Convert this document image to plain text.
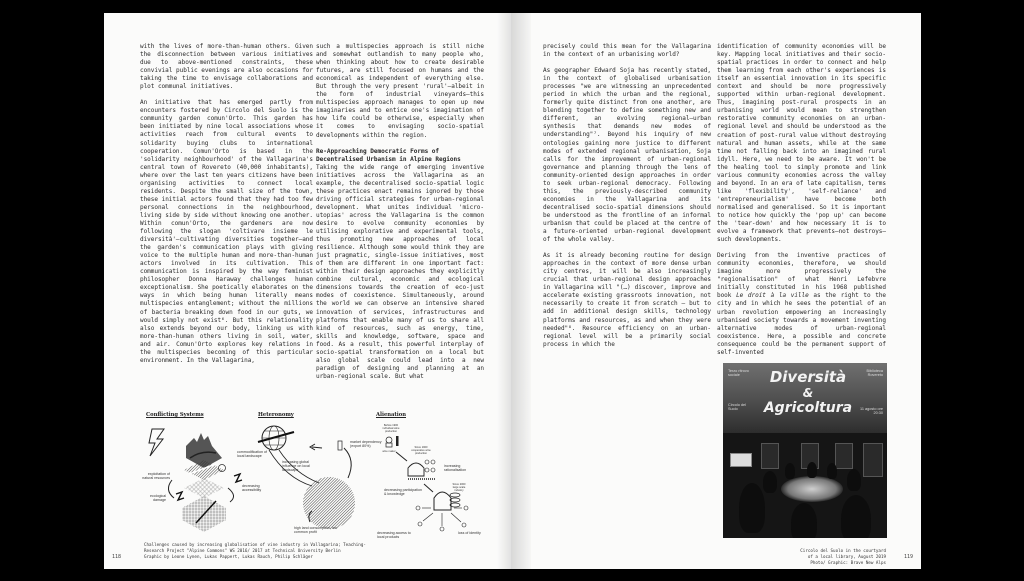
with the lives of more-than-human others. Given the disconnection between various initiatives due to above-mentioned constraints, these convivial public evenings are also occasions for taking the time to envisage collaborations and plot communal initiatives.

An initiative that has emerged partly from encounters fostered by Circolo del Suolo is the community garden comun'Orto. This garden has been initiated by nine local associations whose activities reach from cultural events to solidarity buying clubs to international cooperation. Comun'Orto is based in the 'solidarity neighbourhood' of the Vallagarina's central town of Rovereto (40,000 inhabitants), where over the last ten years citizens have been organising activities to connect local residents. Despite the small size of the town, these initial actors found that they had too few personal connections in the neighbourhood, living side by side without knowing one another. Within comun'Orto, the gardeners are now following the slogan 'coltivare insieme le diversità'—cultivating diversities together—and the garden's communication plays with giving voice to the multiple human and more-than-human actors involved in its cultivation. This communication is inspired by the way feminist philosopher Donna Haraway challenges human exceptionalism. She poetically elaborates on the ways in which being human literally means multispecies entanglement; without the millions of bacteria breaking down food in our guts, we would simply not exist⁶. But this relationality also extends beyond our body, linking us with more-than-human others living in soil, water, and air. Comun'Orto explores key relations in the multispecies becoming of this particular environment. In the Vallagarina,

such a multispecies approach is still niche and somewhat outlandish to many people who, when thinking about how to create desirable futures, are still focused on humans and the economical as independent of everything else. But through the very present 'rural'—albeit in the form of industrial vineyards—this multispecies approach manages to open up new imaginaries and to entice one's imagination of how life could be otherwise, especially when it comes to envisaging socio-spatial developments within the region.

Re-Approaching Democratic Forms of
Decentralised Urbanism in Alpine Regions

Taking the wide range of emerging inventive initiatives across the Vallagarina as an example, the decentralised socio-spatial logic these practices enact remains ignored by those driving official strategies for urban-regional development. What unites individual 'micro-utopias' across the Vallagarina is the common desire to evolve community economies by utilising explorative and experimental tools, thus promoting new approaches of local resilience. Although some would think they are just pragmatic, single-issue initiatives, most of them are different in one important fact: within their design approaches they explicitly combine cultural, economic and ecological dimensions towards the creation of eco-just modes of coexistence. Simultaneously, around the world we can observe an intensive shared innovation of services, infrastructures and platforms that enable many of us to share all kind of resources, such as energy, time, skills and knowledge, software, space and food. As a result, this powerful interplay of socio-spatial transformation on a local but also global scale could lead into a new paradigm of designing and planning at an urban-regional scale. But what

Conflicting Systems	Heteronomy	Alienation
commodification of local landscape
exploitation of natural resources
ecological damage
decreasing accessibility
market dependency (export 80%)
increasing global influence on local landscape
high land consumption, low common profit
Before 1900 individual wine production
wine maker
Since 1900 cooperative wine production
Since 2000 large scale industry
increasing rationalisation
decreasing participation & knowledge
decreasing access to local products
loss of identity
Challenges caused by increasing globalisation of vine industry in Vallagarina; Teaching-
Research Project "Alpine Commons" WS 2016/ 2017 at Technical University Berlin
Graphic by Leone Lynen, Lukas Pappert, Lukas Rauch, Philip Schläger
118

precisely could this mean for the Vallagarina in the context of an urbanising world?

As geographer Edward Soja has recently stated, in the context of globalised urbanisation processes "we are witnessing an unprecedented period in which the urban and the regional, formerly quite distinct from one another, are blending together to define something new and different, an evolving regional–urban synthesis that demands new modes of understanding"⁷. Beyond his inquiry of new ontologies gaining more justice to different modes of extended regional urbanisation, Soja calls for the improvement of urban-regional governance and planning through the lens of community-oriented design approaches in order to seek urban-regional democracy. Following this, the previously-described community economies in the Vallagarina and its decentralised socio-spatial dimensions should be understood as the frontline of an informal urbanism that could be placed at the centre of a future-oriented urban-regional development of the whole valley.

As it is already becoming routine for design approaches in the context of more dense urban city centres, it will be also increasingly crucial that urban-regional design approaches in Vallagarina will "(…) discover, improve and accelerate existing grassroots innovation, not necessarily to create it from scratch – but to add in additional design skills, technology platforms and resources, as and when they were needed"⁸. Resource efficiency on an urban-regional level will be a primarily social process in which the

identification of community economies will be key. Mapping local initiatives and their socio-spatial practices in order to connect and help them learning from each other's experiences is itself an essential innovation in its specific context and should be more progressively supported within urban-regional development. Thus, imagining post-rural prospects in an urbanising world would mean to strengthen restorative community economies on an urban-regional level and should be understood as the creation of post-rural value without destroying natural and human assets, while at the same time not falling back into an imagined rural idyll. Here, we need to be aware. It won't be the healing tool to simply promote and link various community economies across the valley and beyond. In an era of late capitalism, terms like 'flexibility', 'self-reliance' and 'entrepreneurialism' have become both normalised and generalised. So it is important to notice how quickly the 'pop up' can become the 'tear-down' and how necessary it is to evolve a framework that prevents—not destroys—such developments.

Deriving from the inventive practices of community economies, therefore, we should imagine more progressively the "regionalisation" of what Henri Lefebvre initially constituted in his 1968 published book Le droit à la ville as the right to the city and in which he sees the potential of an urban revolution empowering an increasingly urbanised society towards a movement inventing alternative modes of urban-regional coexistence. Here, a possible and concrete consequence could be the permanent support of self-invented

Diversità
&
Agricoltura
Terzo ritrovo sociale
Circolo del Suolo
Biblioteca Rovereto
11 agosto ore 20:30
Circolo del Suolo in the courtyard
of a local library, August 2019
Photo/ Graphic: Brave New Alps
119
